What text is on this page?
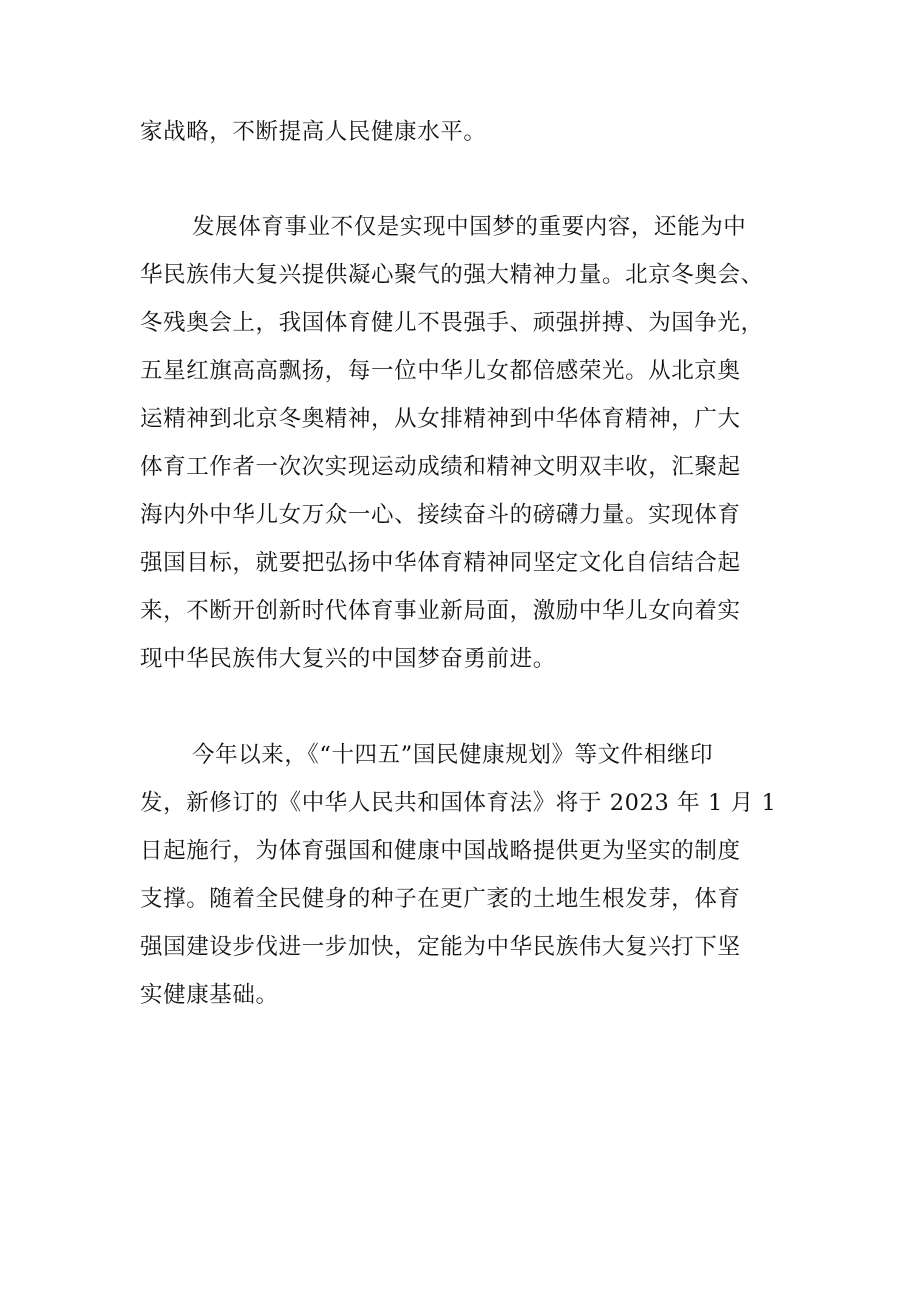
家战略，不断提高人民健康水平。
发展体育事业不仅是实现中国梦的重要内容，还能为中
华民族伟大复兴提供凝心聚气的强大精神力量。北京冬奥会、
冬残奥会上，我国体育健儿不畏强手、顽强拼搏、为国争光，
五星红旗高高飘扬，每一位中华儿女都倍感荣光。从北京奥
运精神到北京冬奥精神，从女排精神到中华体育精神，广大
体育工作者一次次实现运动成绩和精神文明双丰收，汇聚起
海内外中华儿女万众一心、接续奋斗的磅礴力量。实现体育
强国目标，就要把弘扬中华体育精神同坚定文化自信结合起
来，不断开创新时代体育事业新局面，激励中华儿女向着实
现中华民族伟大复兴的中国梦奋勇前进。
今年以来，《“十四五”国民健康规划》等文件相继印
发，新修订的《中华人民共和国体育法》将于 2023 年 1 月 1
日起施行，为体育强国和健康中国战略提供更为坚实的制度
支撑。随着全民健身的种子在更广袤的土地生根发芽，体育
强国建设步伐进一步加快，定能为中华民族伟大复兴打下坚
实健康基础。
